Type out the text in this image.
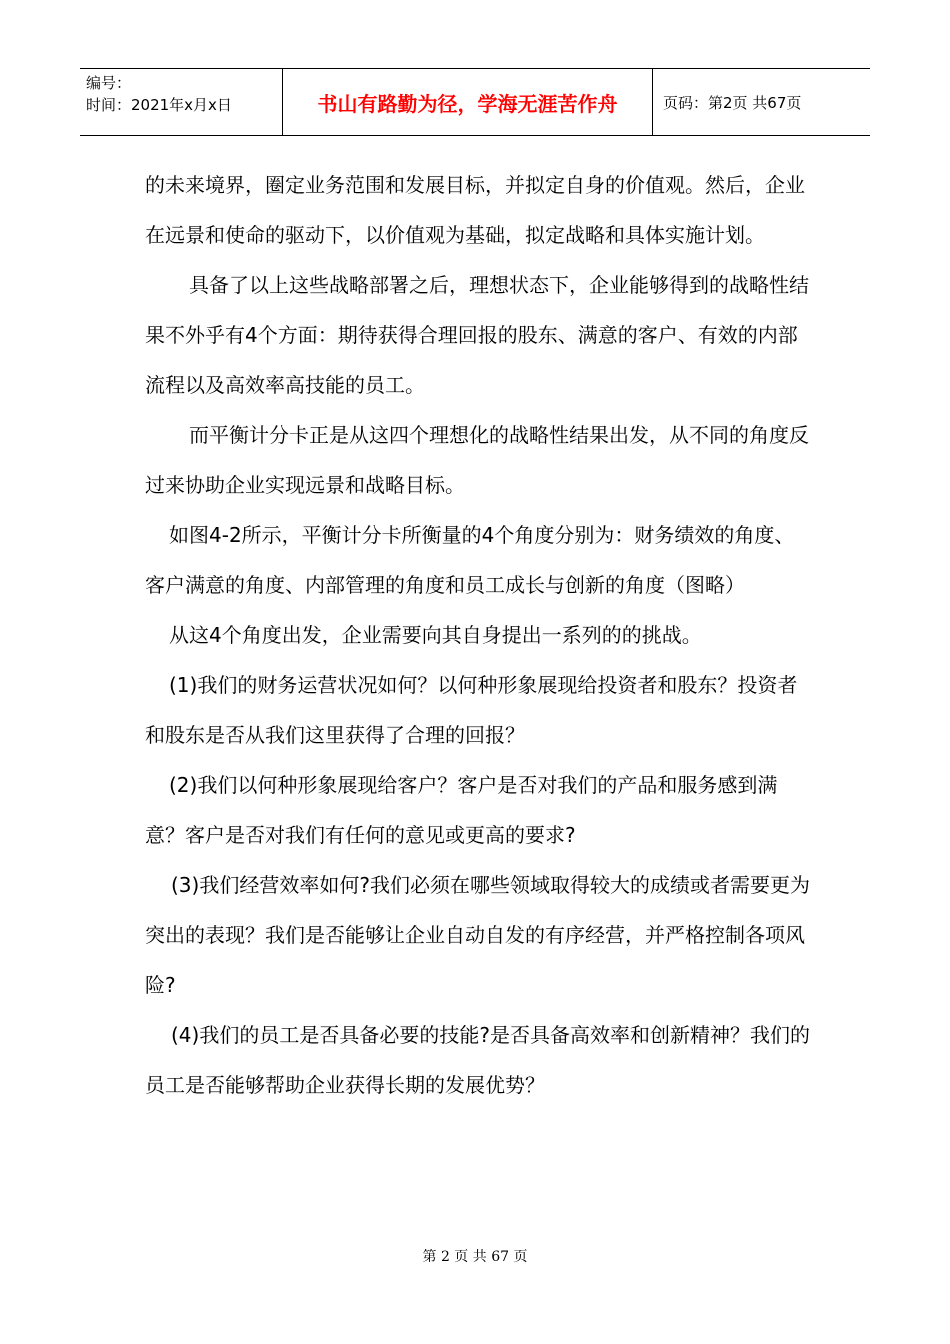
编号：
时间：2021年x月x日	书山有路勤为径，学海无涯苦作舟	页码：第2页 共67页

的未来境界，圈定业务范围和发展目标，并拟定自身的价值观。然后，企业在远景和使命的驱动下，以价值观为基础，拟定战略和具体实施计划。

具备了以上这些战略部署之后，理想状态下，企业能够得到的战略性结果不外乎有4个方面：期待获得合理回报的股东、满意的客户、有效的内部流程以及高效率高技能的员工。

而平衡计分卡正是从这四个理想化的战略性结果出发，从不同的角度反过来协助企业实现远景和战略目标。

如图4-2所示，平衡计分卡所衡量的4个角度分别为：财务绩效的角度、客户满意的角度、内部管理的角度和员工成长与创新的角度（图略）

从这4个角度出发，企业需要向其自身提出一系列的的挑战。

(1)我们的财务运营状况如何？以何种形象展现给投资者和股东？投资者和股东是否从我们这里获得了合理的回报？

(2)我们以何种形象展现给客户？客户是否对我们的产品和服务感到满意？客户是否对我们有任何的意见或更高的要求?

(3)我们经营效率如何?我们必须在哪些领域取得较大的成绩或者需要更为突出的表现？我们是否能够让企业自动自发的有序经营，并严格控制各项风险?

(4)我们的员工是否具备必要的技能?是否具备高效率和创新精神？我们的员工是否能够帮助企业获得长期的发展优势？

第 2 页 共 67 页
